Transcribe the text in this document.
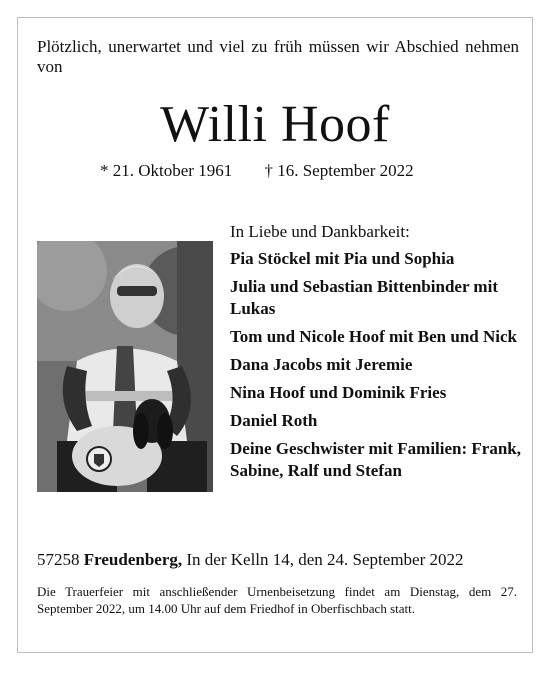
Plötzlich, unerwartet und viel zu früh müssen wir Abschied nehmen von

Willi Hoof
* 21. Oktober 1961 † 16. September 2022

In Liebe und Dankbarkeit:

Pia Stöckel mit Pia und Sophia
Julia und Sebastian Bittenbinder mit Lukas
Tom und Nicole Hoof mit Ben und Nick
Dana Jacobs mit Jeremie
Nina Hoof und Dominik Fries
Daniel Roth
Deine Geschwister mit Familien: Frank, Sabine, Ralf und Stefan
57258 Freudenberg, In der Kelln 14, den 24. September 2022

Die Trauerfeier mit anschließender Urnenbeisetzung findet am Dienstag, dem 27. September 2022, um 14.00 Uhr auf dem Friedhof in Oberfischbach statt.
